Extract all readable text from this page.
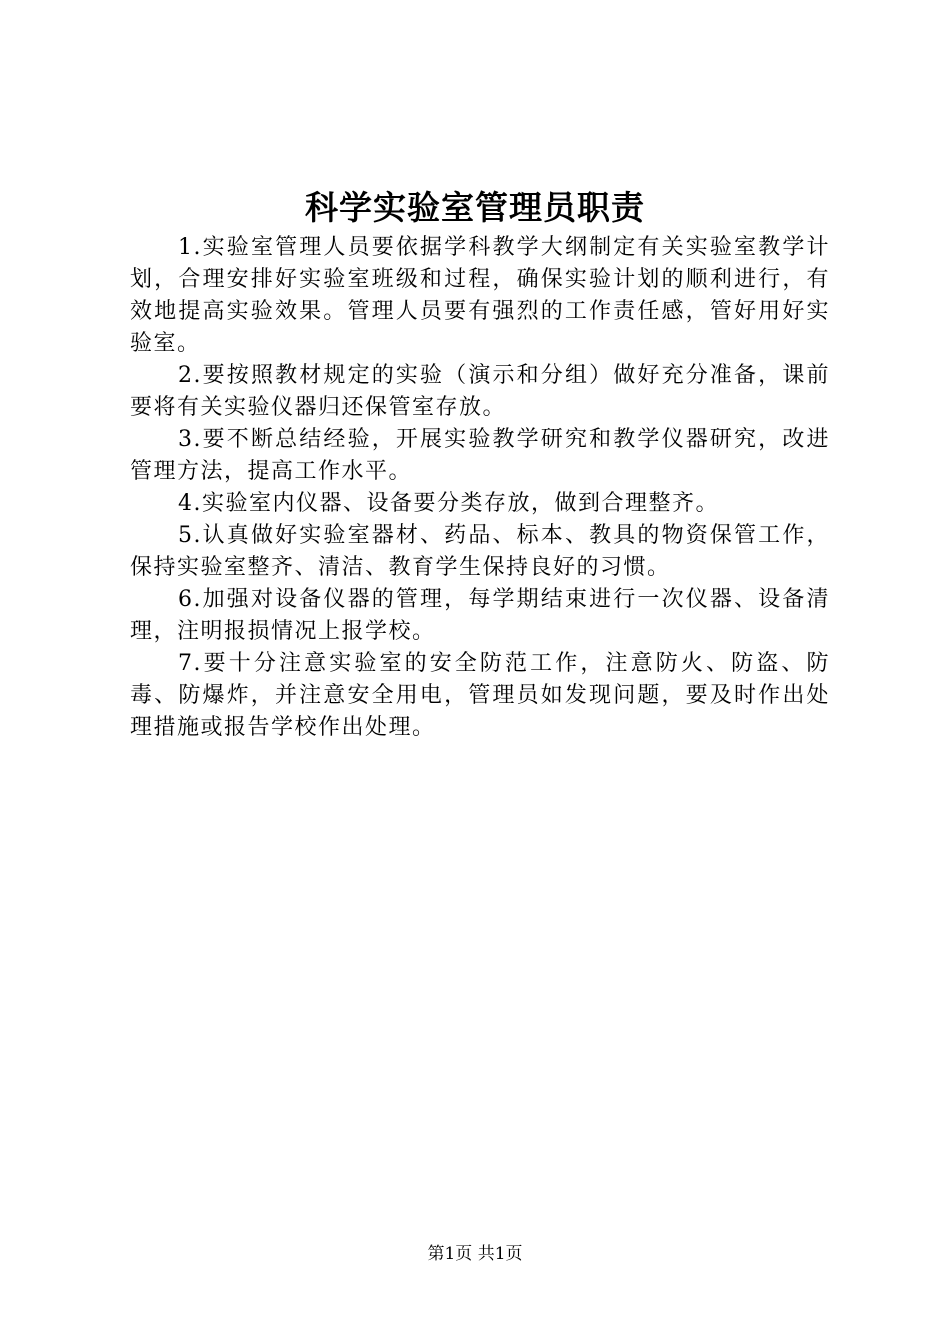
科学实验室管理员职责

1.实验室管理人员要依据学科教学大纲制定有关实验室教学计划，合理安排好实验室班级和过程，确保实验计划的顺利进行，有效地提高实验效果。管理人员要有强烈的工作责任感，管好用好实验室。

2.要按照教材规定的实验（演示和分组）做好充分准备，课前要将有关实验仪器归还保管室存放。

3.要不断总结经验，开展实验教学研究和教学仪器研究，改进管理方法，提高工作水平。

4.实验室内仪器、设备要分类存放，做到合理整齐。

5.认真做好实验室器材、药品、标本、教具的物资保管工作，保持实验室整齐、清洁、教育学生保持良好的习惯。

6.加强对设备仪器的管理，每学期结束进行一次仪器、设备清理，注明报损情况上报学校。

7.要十分注意实验室的安全防范工作，注意防火、防盗、防毒、防爆炸，并注意安全用电，管理员如发现问题，要及时作出处理措施或报告学校作出处理。

第1页 共1页
